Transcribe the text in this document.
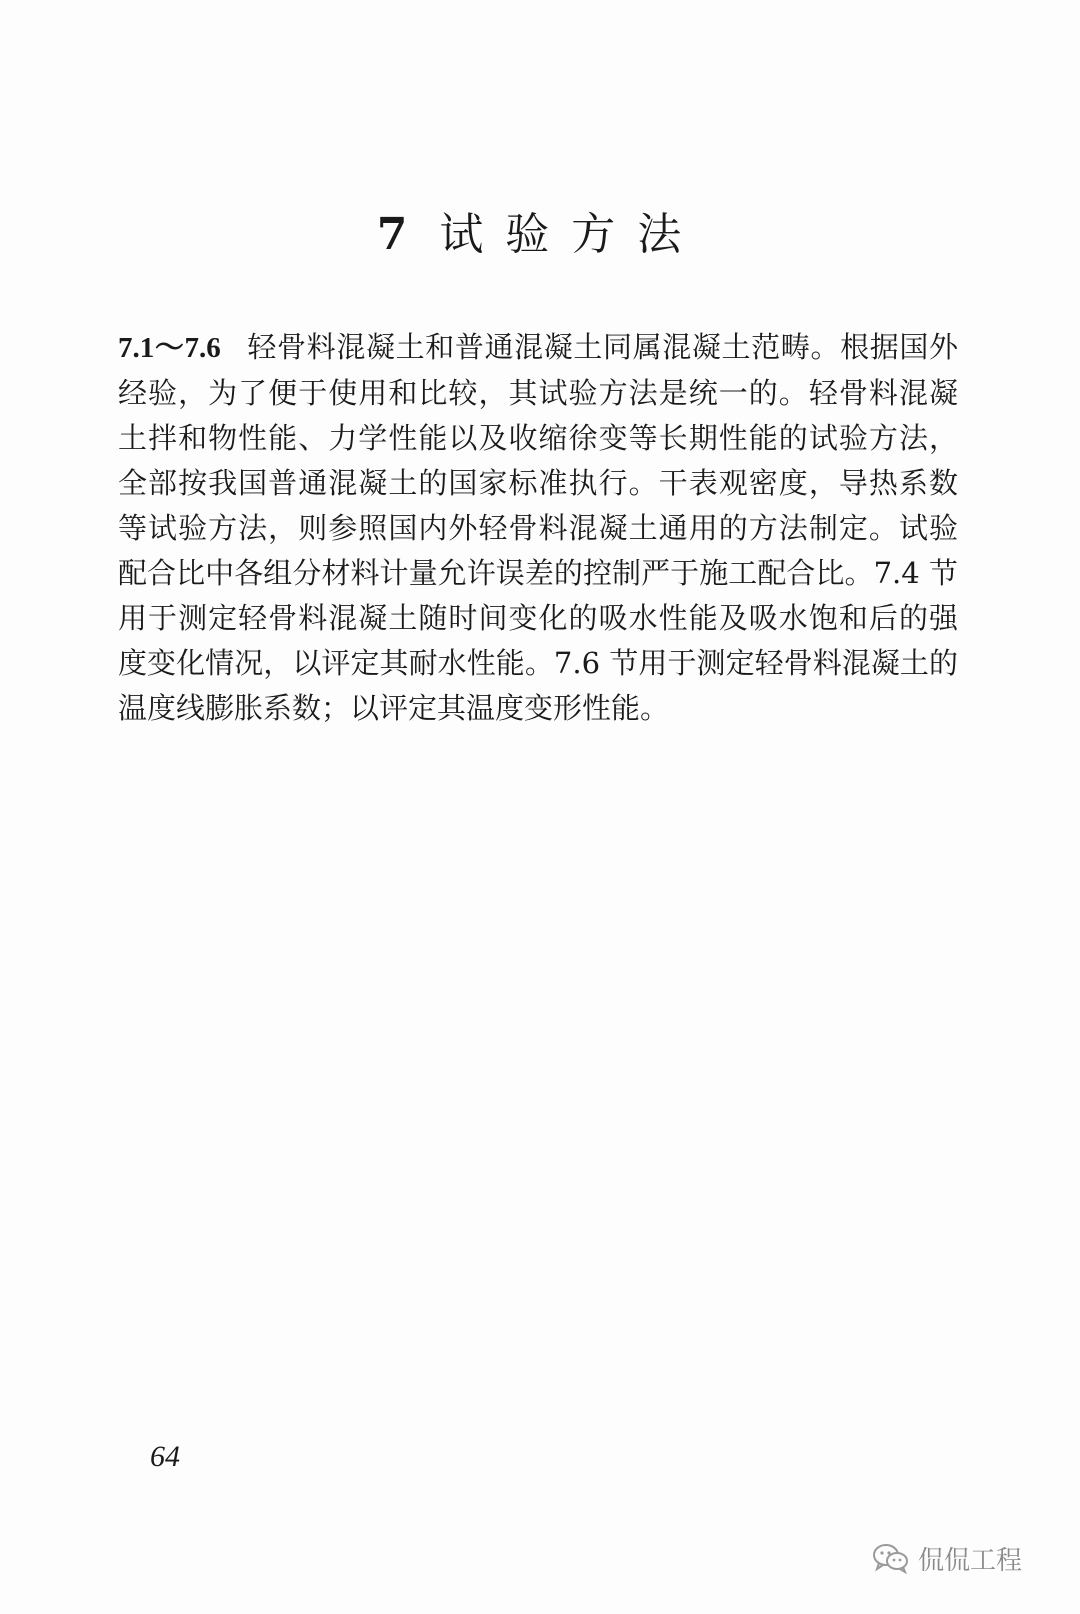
7 试验方法

7.1～7.6 轻骨料混凝土和普通混凝土同属混凝土范畴。根据国外经验，为了便于使用和比较，其试验方法是统一的。轻骨料混凝土拌和物性能、力学性能以及收缩徐变等长期性能的试验方法，全部按我国普通混凝土的国家标准执行。干表观密度，导热系数等试验方法，则参照国内外轻骨料混凝土通用的方法制定。试验配合比中各组分材料计量允许误差的控制严于施工配合比。7.4 节用于测定轻骨料混凝土随时间变化的吸水性能及吸水饱和后的强度变化情况，以评定其耐水性能。7.6 节用于测定轻骨料混凝土的温度线膨胀系数；以评定其温度变形性能。

64
侃侃工程
